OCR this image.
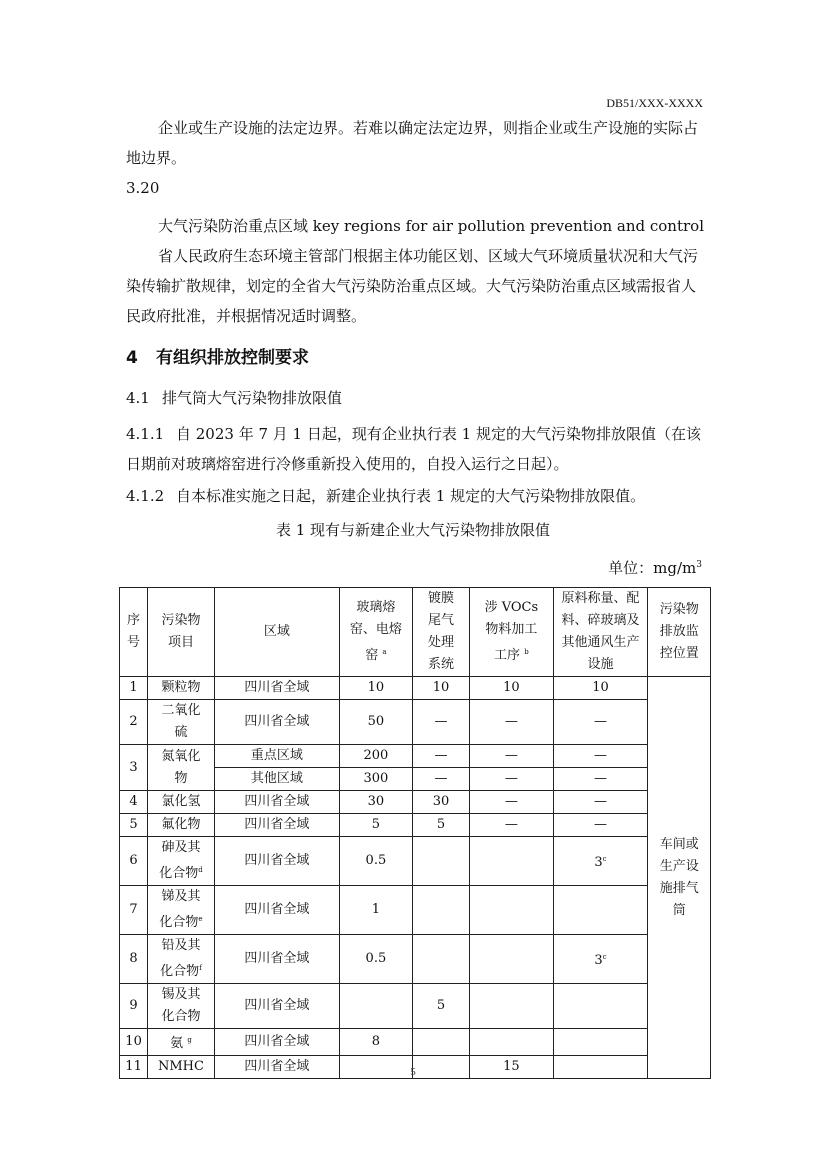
DB51/XXX-XXXX
企业或生产设施的法定边界。若难以确定法定边界，则指企业或生产设施的实际占地边界。
3.20
大气污染防治重点区域 key regions for air pollution prevention and control
省人民政府生态环境主管部门根据主体功能区划、区域大气环境质量状况和大气污染传输扩散规律，划定的全省大气污染防治重点区域。大气污染防治重点区域需报省人民政府批准，并根据情况适时调整。
4 有组织排放控制要求
4.1 排气筒大气污染物排放限值
4.1.1 自 2023 年 7 月 1 日起，现有企业执行表 1 规定的大气污染物排放限值（在该日期前对玻璃熔窑进行冷修重新投入使用的，自投入运行之日起）。
4.1.2 自本标准实施之日起，新建企业执行表 1 规定的大气污染物排放限值。
表 1 现有与新建企业大气污染物排放限值
单位：$mg/m^3$
序号	污染物项目	区域	玻璃熔窑、电熔窑 $^a$	镀膜尾气处理系统	涉 VOCs 物料加工工序 $^b$	原料称量、配料、碎玻璃及其他通风生产设施	污染物排放监控位置

1	颗粒物	四川省全域	10	10	10	10	车间或生产设施排气筒

2	二氧化硫	四川省全域	50	—	—	—	
3	氮氧化物	重点区域	200	—	—	—	
		其他区域	300	—	—	—	
4	氯化氢	四川省全域	30	30	—	—	
5	氟化物	四川省全域	5	5	—	—	
6	砷及其化合物$^d$	四川省全域	0.5			3$^c$
7	锑及其化合物$^e$	四川省全域	1				
8	铅及其化合物$^f$	四川省全域	0.5			3$^c$
9	锡及其化合物	四川省全域		5			
10	氨 $^g$	四川省全域	8				
11	NMHC	四川省全域			15		
5
